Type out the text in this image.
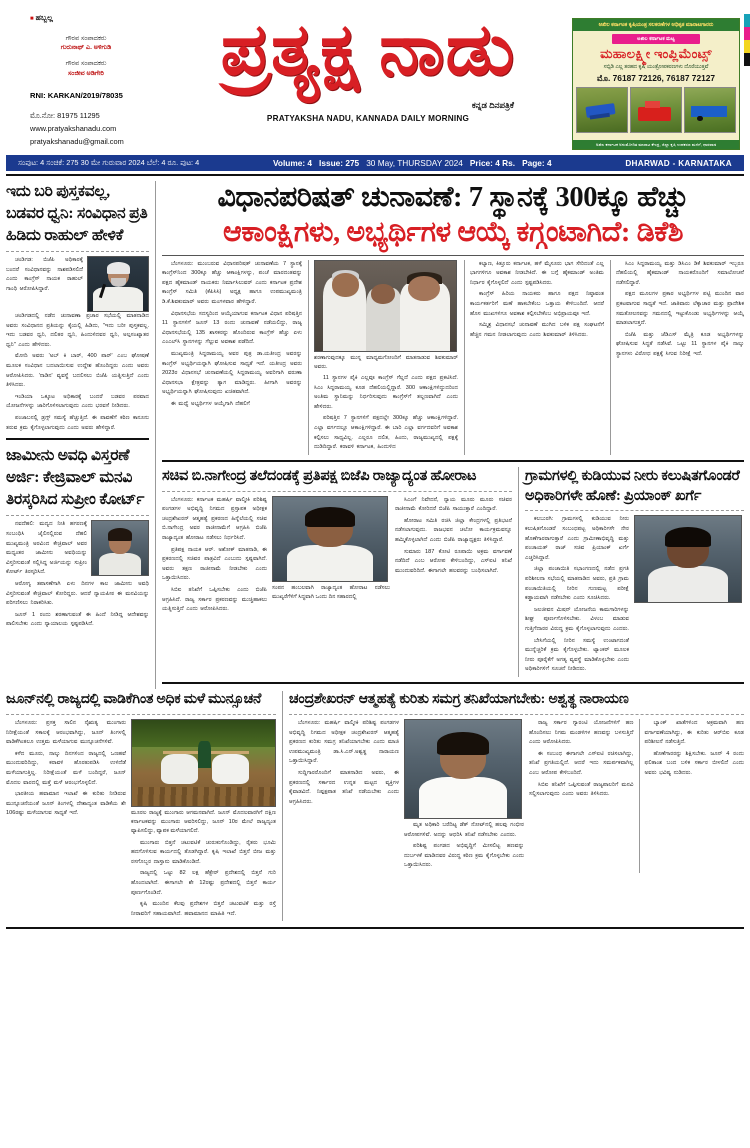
■ ಹಬ್ಬಲ್ಲ
ಗೌರವ ಸಂಪಾದಕರು
ಗುರುನಾಥ್ ಎ. ಅಳಿಗುಡಿ
ಗೌರವ ಸಂಪಾದಕರು
ಸಂಜೀವ ಅಡಿಗೇರಿ
RNI: KARKAN/2019/78035
ಮೊ.ನೋ: 81975 11295
www.pratyakshanadu.com
pratyakshanadu@gmail.com
ಪ್ರತ್ಯಕ್ಷ ನಾಡು
ಕನ್ನಡ ದಿನಪತ್ರಿಕೆ
PRATYAKSHA NADU, KANNADA DAILY MORNING
ಅಖಿಲ ಕರ್ನಾಟಕ ಕೃಷಿಯಂತ್ರ ಸಲಕರಣೆಗಳ ಅಧಿಕೃತ ಮಾರಾಟಗಾರರು
ಅಖಿಲ ಕರ್ನಾಟಕ ಮಟ್ಟ
ಮಹಾಲಕ್ಷ್ಮೀ ಇಂಪ್ಲಿಮೆಂಟ್ಸ್
ಸಬ್ಸಿಡಿ ಎಲ್ಲ ತರಹದ ಕೃಷಿ ಯಂತ್ರೋಪಕರಣಗಳು ದೊರೆಯುತ್ತವೆ
ಮೊ. 76187 72126, 76187 72127
ಅಖಿಲ ಕರ್ನಾಟಕ ಅನುಮೋದಿತ ಮಾರಾಟ ಕೇಂದ್ರ, ಜಿಲ್ಲಾ ಕೃಷಿ ಉಪಕರಣ ಮಳಿಗೆ, ಧಾರವಾಡ
ಸಂಪುಟ: 4 ಸಂಚಿಕೆ: 275 30 ಮೇ ಗುರುವಾರ 2024 ಬೆಲೆ: 4 ರೂ. ಪುಟ: 4	Volume: 4 Issue: 275 30 May, THURSDAY 2024 Price: 4 Rs. Page: 4	DHARWAD - KARNATAKA
ಇದು ಬರಿ ಪುಸ್ತಕವಲ್ಲ, ಬಡವರ ಧ್ವನಿ: ಸಂವಿಧಾನ ಪ್ರತಿ ಹಿಡಿದು ರಾಹುಲ್ ಹೇಳಿಕೆ

ಚಂಡಿಗಡ: ಬಿಜೆಪಿ ಅಧಿಕಾರಕ್ಕೆ ಬಂದರೆ ಸಂವಿಧಾನವನ್ನು ನಾಶಪಡಿಸಲಿದೆ ಎಂದು ಕಾಂಗ್ರೆಸ್ ನಾಯಕ ರಾಹುಲ್ ಗಾಂಧಿ ಆರೋಪಿಸಿದ್ದಾರೆ.

ಚಂಡಿಗಡದಲ್ಲಿ ನಡೆದ ಚುನಾವಣಾ ಪ್ರಚಾರ ಸಭೆಯಲ್ಲಿ ಮಾತನಾಡಿದ ಅವರು ಸಂವಿಧಾನದ ಪ್ರತಿಯನ್ನು ಕೈಯಲ್ಲಿ ಹಿಡಿದು, "ಇದು ಬರೀ ಪುಸ್ತಕವಲ್ಲ. ಇದು ಬಡವರ ಧ್ವನಿ, ದಲಿತರ ಧ್ವನಿ, ಹಿಂದುಳಿದವರ ಧ್ವನಿ, ಅಲ್ಪಸಂಖ್ಯಾತರ ಧ್ವನಿ" ಎಂದು ಹೇಳಿದರು.

ಮೋದಿ ಅವರು 'ಅಬ್ ಕಿ ಬಾರ್, 400 ಪಾರ್' ಎಂಬ ಘೋಷಣೆ ಮೂಲಕ ಸಂವಿಧಾನ ಬದಲಾಯಿಸುವ ಉದ್ದೇಶ ಹೊಂದಿದ್ದರು ಎಂದು ಅವರು ಆರೋಪಿಸಿದರು. 'ನಾಡಿನ' ವ್ಯವಸ್ಥೆ ಬದಲಿಸಲು ಬಿಜೆಪಿ ಯತ್ನಿಸುತ್ತಿದೆ ಎಂದು ತಿಳಿಸಿದರು.

ಇಂಡಿಯಾ ಒಕ್ಕೂಟ ಅಧಿಕಾರಕ್ಕೆ ಬಂದರೆ ಬಡವರ ಪರವಾದ ಯೋಜನೆಗಳನ್ನು ಜಾರಿಗೊಳಿಸಲಾಗುವುದು ಎಂದು ಭರವಸೆ ನೀಡಿದರು.

ಪಂಜಾಬನಲ್ಲಿ ಡ್ರಗ್ಸ್ ಸಮಸ್ಯೆ ಹೆಚ್ಚುತ್ತಿದೆ. ಈ ಪಾವಣೆಗೆ ಕಠಿಣ ಕಾನೂನು ತರುವ ಕ್ರಮ ಕೈಗೊಳ್ಳಲಾಗುವುದು ಎಂದು ಅವರು ಹೇಳಿದ್ದಾರೆ.

ಜಾಮೀನು ಅವಧಿ ವಿಸ್ತರಣೆ ಅರ್ಜಿ: ಕೇಜ್ರಿವಾಲ್ ಮನವಿ ತಿರಸ್ಕರಿಸಿದ ಸುಪ್ರೀಂ ಕೋರ್ಟ್

ನವದೆಹಲಿ: ಮದ್ಯದ ನೀತಿ ಹಗರಣಕ್ಕೆ ಸಂಬಂಧಿಸಿ ಜೈಲಿನಲ್ಲಿರುವ ದೆಹಲಿ ಮುಖ್ಯಮಂತ್ರಿ ಅರವಿಂದ ಕೇಜ್ರಿವಾಲ್ ಅವರ ಮಧ್ಯಂತರ ಜಾಮೀನು ಅವಧಿಯನ್ನು ವಿಸ್ತರಿಸುವಂತೆ ಸಲ್ಲಿಸಿದ್ದ ಅರ್ಜಿಯನ್ನು ಸುಪ್ರೀಂ ಕೋರ್ಟ್ ತಿರಸ್ಕರಿಸಿದೆ.

ಆರೋಗ್ಯ ತಪಾಸಣೆಗಾಗಿ ಏಳು ದಿನಗಳ ಕಾಲ ಜಾಮೀನು ಅವಧಿ ವಿಸ್ತರಿಸುವಂತೆ ಕೇಜ್ರಿವಾಲ್ ಕೋರಿದ್ದರು. ಆದರೆ ನ್ಯಾಯಪೀಠ ಈ ಮನವಿಯನ್ನು ಪರಿಗಣಿಸಲು ನಿರಾಕರಿಸಿತು.

ಜೂನ್ 1 ರಂದು ಶರಣಾಗುವಂತೆ ಈ ಹಿಂದೆ ನೀಡಿದ್ದ ಆದೇಶವನ್ನು ಪಾಲಿಸಬೇಕು ಎಂದು ನ್ಯಾಯಾಲಯ ಸ್ಪಷ್ಟಪಡಿಸಿದೆ.

ವಿಧಾನಪರಿಷತ್ ಚುನಾವಣೆ: 7 ಸ್ಥಾನಕ್ಕೆ 300ಕ್ಕೂ ಹೆಚ್ಚು
ಆಕಾಂಕ್ಷಿಗಳು, ಅಭ್ಯರ್ಥಿಗಳ ಆಯ್ಕೆ ಕಗ್ಗಂಟಾಗಿದೆ: ಡಿಕೆಶಿ

ಬೆಂಗಳೂರು: ಮುಂಬರುವ ವಿಧಾನಪರಿಷತ್ ಚುನಾವಣೆಯ 7 ಸ್ಥಾನಕ್ಕೆ ಕಾಂಗ್ರೆಸ್‌ನಿಂದ 300ಕ್ಕೂ ಹೆಚ್ಚು ಆಕಾಂಕ್ಷಿಗಳನ್ನು, ಪಂಚೆ ಮಾರದಂತವನ್ನು ಪಕ್ಷದ ಹೈಕಮಾಂಡ್ ನಾಯಕರು ನಿರ್ಮಾಸಿಲುವರ್ ಎಂದು ಕರ್ನಾಟಕ ಪ್ರದೇಶ ಕಾಂಗ್ರೆಸ್ ಸಮಿತಿ (ಕೆಪಿಸಿಸಿ) ಅಧ್ಯಕ್ಷ ಹಾಗೂ ಉಪಮುಖ್ಯಮಂತ್ರಿ ಡಿ.ಕೆ.ಶಿವಕುಮಾರ್ ಅವರು ಮಂಗಳವಾರ ಹೇಳಿದ್ದಾರೆ.

ವಿಧಾನಸಭೆಯ ಸದಸ್ಯರಿಂದ ಆಯ್ಕೆಯಾಗುವ ಕರ್ನಾಟಕ ವಿಧಾನ ಪರಿಷತ್ತಿನ 11 ಸ್ಥಾನಗಳಿಗೆ ಜೂನ್ 13 ರಂದು ಚುನಾವಣೆ ನಡೆಯಲಿದ್ದು, ರಾಜ್ಯ ವಿಧಾನಸಭೆಯಲ್ಲಿ 135 ಶಾಸಕರನ್ನು ಹೊಂದಿರುವ ಕಾಂಗ್ರೆಸ್ ಹೆಚ್ಚು ಏಳು ಎಂಎಲ್‌ಸಿ ಸ್ಥಾನಗಳನ್ನು ಗೆಲ್ಲುವ ಅವಕಾಶ ಪಡೆದಿದೆ.

ಮುಖ್ಯಮಂತ್ರಿ ಸಿದ್ದರಾಮಯ್ಯ ಅವರ ಪುತ್ರ ಡಾ.ಯತೀಂದ್ರ ಅವರನ್ನು ಕಾಂಗ್ರೆಸ್ ಅಭ್ಯರ್ಥಿಯನ್ನಾಗಿ ಘೋಷಿಸುವ ಸಾಧ್ಯತೆ ಇದೆ. ಯತೀಂದ್ರ ಅವರು 2023ರ ವಿಧಾನಸಭೆ ಚುನಾವಣೆಯಲ್ಲಿ ಸಿದ್ದರಾಮಯ್ಯ ಅವರಿಗಾಗಿ ವರುಣಾ ವಿಧಾನಸಭಾ ಕ್ಷೇತ್ರವನ್ನು ತ್ಯಾಗ ಮಾಡಿದ್ದರು. ಹೀಗಾಗಿ ಅವರನ್ನು ಅಭ್ಯರ್ಥಿಯನ್ನಾಗಿ ಘೋಷಿಸುವುದು ಖಚಿತವಾಗಿದೆ.

ಈ ಮಧ್ಯೆ ಅಭ್ಯರ್ಥಿಗಳ ಆಯ್ಕೆಗಾಗಿ ದೆಹಲಿಗೆ

ಶರಣಾಗುವುದಕ್ಕೂ ಮುನ್ನ ಮಾಧ್ಯಮಗೋಂದಿಗೆ ಮಾತನಾಡುವ ಶಿವಕುಮಾರ್ ಅವರು.

11 ಸ್ಥಾನಗಳ ಪೈಕಿ ಎಲ್ಲವೂ ಕಾಂಗ್ರೆಸ್ ಗೆಲ್ಲದೆ ಎಂದು ಪಕ್ಷದ ಪ್ರಕಟಿಸಿದೆ. ಸಿಎಂ ಸಿದ್ದರಾಮಯ್ಯ ಕೂಡ ದೆಹಲಿಯಲ್ಲಿದ್ದಾರೆ. 300 ಆಕಾಂಕ್ಷಿಗಳಿದ್ದುದರಿಂದ ಅಂತಿಮ ಸ್ಥಾನಿಮನ್ನು ನಿರ್ಧರಿಸುವುದು ಕಾಂಗ್ರೆಸ್‌ಗೆ ತಲ್ಲಣವಾಗಿದೆ ಎಂದು ಹೇಳಿದರು.

ಪರಿಷತ್ತಿನ 7 ಸ್ಥಾನಗಳಿಗೆ ಪಕ್ಷದಲ್ಲೇ 300ಕ್ಕೂ ಹೆಚ್ಚು ಆಕಾಂಕ್ಷಿಗಳಿದ್ದಾರೆ. ಎಲ್ಲಾ ವರ್ಗದಲ್ಲೂ ಆಕಾಂಕ್ಷಿಗಳಿದ್ದಾರೆ. ಈ ಬಾರಿ ಎಲ್ಲಾ ವರ್ಗದವರಿಗೆ ಅವಕಾಶ ಕಲ್ಪಿಸಲು ಸಾಧ್ಯವಿಲ್ಲ. ಎಲ್ಲರೂ ದಲಿತ, ಹಿಂದು, ರಾಜ್ಯಮುಖ್ಯದಲ್ಲಿ ಪಕ್ಷಕ್ಕೆ ದುಡಿದಿದ್ದಾರೆ. ಕರಾವಳಿ ಕರ್ನಾಟಕ, ಹಿಂದುಳಿದ

ಕಲ್ಯಾಣ, ಕಿತ್ತೂರು ಕರ್ನಾಟಕ, ಹಳೆ ಮೈಸೂರು ಭಾಗ ಸೇರಿದಂತೆ ಎಲ್ಲ ಭಾಗಗಳಿಗೂ ಅವಕಾಶ ನೀಡಬೇಕಿದೆ. ಈ ಬಗ್ಗೆ ಹೈಕಮಾಂಡ್ ಅಂತಿಮ ನಿರ್ಧಾರ ಕೈಗೊಳ್ಳಲಿದೆ ಎಂದು ಸ್ಪಷ್ಟಪಡಿಸಿದರು.

ಕಾಂಗ್ರೆಸ್ ಹಿರಿಯ ನಾಯಕರು ಹಾಗೂ ಪಕ್ಷದ ನಿಷ್ಠಾವಂತ ಕಾರ್ಯಕರ್ತರಿಗೆ ಮಣೆ ಹಾಕಬೇಕೆಂಬ ಒತ್ತಾಯ ಕೇಳಿಬಂದಿದೆ. ಆದರೆ ಹೊಸ ಮುಖಗಳಿಗೂ ಅವಕಾಶ ಕಲ್ಪಿಸಬೇಕೆಂಬ ಅಭಿಪ್ರಾಯವೂ ಇದೆ.

ಸಮ್ಮಿಶ್ರ ವಿಧಾನಸಭೆ ಚುನಾವಣೆ ಮುಗಿದ ಬಳಿಕ ಪಕ್ಷ ಸಂಘಟನೆಗೆ ಹೆಚ್ಚಿನ ಗಮನ ನೀಡಲಾಗುವುದು ಎಂದು ಶಿವಕುಮಾರ್ ತಿಳಿಸಿದರು.

ಸಿಎಂ ಸಿದ್ದರಾಮಯ್ಯ ಮತ್ತು ಡಿಸಿಎಂ ಡಿಕೆ ಶಿವಕುಮಾರ್ ಇಬ್ಬರೂ ದೆಹಲಿಯಲ್ಲಿ ಹೈಕಮಾಂಡ್ ನಾಯಕರೊಂದಿಗೆ ಸಮಾಲೋಚನೆ ನಡೆಸಲಿದ್ದಾರೆ.

ಪಕ್ಷದ ಮೂಲಗಳ ಪ್ರಕಾರ ಅಭ್ಯರ್ಥಿಗಳ ಪಟ್ಟಿ ಮುಂದಿನ ವಾರ ಪ್ರಕಟವಾಗುವ ಸಾಧ್ಯತೆ ಇದೆ. ಜಾತಿವಾರು ಲೆಕ್ಕಾಚಾರ ಮತ್ತು ಪ್ರಾದೇಶಿಕ ಸಮತೋಲನವನ್ನು ಗಮನದಲ್ಲಿ ಇಟ್ಟುಕೊಂಡು ಅಭ್ಯರ್ಥಿಗಳನ್ನು ಆಯ್ಕೆ ಮಾಡಲಾಗುತ್ತದೆ.

ಬಿಜೆಪಿ ಮತ್ತು ಜೆಡಿಎಸ್ ಮೈತ್ರಿ ಕೂಡ ಅಭ್ಯರ್ಥಿಗಳನ್ನು ಘೋಷಿಸುವ ಸಿದ್ಧತೆ ನಡೆಸಿವೆ. ಒಟ್ಟು 11 ಸ್ಥಾನಗಳ ಪೈಕಿ ನಾಲ್ಕು ಸ್ಥಾನಗಳು ವಿರೋಧ ಪಕ್ಷಕ್ಕೆ ಸಿಗುವ ನಿರೀಕ್ಷೆ ಇದೆ.

ಸಚಿವ ಬಿ.ನಾಗೇಂದ್ರ ತಲೆದಂಡಕ್ಕೆ ಪ್ರತಿಪಕ್ಷ ಬಿಜೆಪಿ ರಾಜ್ಯಾದ್ಯಂತ ಹೋರಾಟ

ಬೆಂಗಳೂರು: ಕರ್ನಾಟಕ ಮಹರ್ಷಿ ವಾಲ್ಮೀಕಿ ಪರಿಶಿಷ್ಟ ಪಂಗಡಗಳ ಅಭಿವೃದ್ಧಿ ನಿಗಮದ ಪ್ರಸ್ತಾಪಕ ಅಧೀಕ್ಷಕ ಚಂದ್ರಶೇಖರನ್ ಆತ್ಮಹತ್ಯೆ ಪ್ರಕರಣದ ಹಿನ್ನೆಲೆಯಲ್ಲಿ ಸಚಿವ ಬಿ.ನಾಗೇಂದ್ರ ಅವರ ರಾಜೀನಾಮೆಗೆ ಆಗ್ರಹಿಸಿ ಬಿಜೆಪಿ ರಾಜ್ಯಾದ್ಯಂತ ಹೋರಾಟ ನಡೆಸಲು ನಿರ್ಧರಿಸಿದೆ.

ಪ್ರತಿಪಕ್ಷ ನಾಯಕ ಆರ್. ಅಶೋಕ್ ಮಾತನಾಡಿ, ಈ ಪ್ರಕರಣದಲ್ಲಿ ಸಚಿವರ ಪಾತ್ರವಿದೆ ಎಂಬುದು ಸ್ಪಷ್ಟವಾಗಿದೆ. ಅವರು ತಕ್ಷಣ ರಾಜೀನಾಮೆ ನೀಡಬೇಕು ಎಂದು ಒತ್ತಾಯಿಸಿದರು.

ಸಿಬಿಐ ತನಿಖೆಗೆ ಒಪ್ಪಿಸಬೇಕು ಎಂದು ಬಿಜೆಪಿ ಆಗ್ರಹಿಸಿದೆ. ರಾಜ್ಯ ಸರ್ಕಾರ ಪ್ರಕರಣವನ್ನು ಮುಚ್ಚಿಹಾಕಲು ಯತ್ನಿಸುತ್ತಿದೆ ಎಂದು ಆರೋಪಿಸಿದರು.

ಸಂಪನ ಹಂಬಲವಾಗಿ ರಾಜ್ಯಾದ್ಯಂತ ಹೋರಾಟ ನಡೆಸಲು ಮುಖ್ಯರೆಗೆಳಿಗೆ ಸಿದ್ಧವಾಗಿ ಒಂದು ದಿನ ಸಹಾರದಲ್ಲಿ

ಸಿಎಂಗೆ ನಿವೇದನೆ, ನ್ಯಾಯ ಮೂರು ಮೂರು ಸಚಿವರ ರಾಜೀನಾಮೆ ಕೋರಿದರೆ ಬಿಜೆಪಿ ಸಾಯುತ್ತಾರೆ ಎಂದಿದ್ದಾರೆ.

ಹೋರಾಟ ಸಮಿತಿ ರಚಿಸಿ ಜಿಲ್ಲಾ ಕೇಂದ್ರಗಳಲ್ಲಿ ಪ್ರತಿಭಟನೆ ನಡೆಸಲಾಗುವುದು. ರಾಜಭವನ ಚಲೋ ಕಾರ್ಯಕ್ರಮವನ್ನೂ ಹಮ್ಮಿಕೊಳ್ಳಲಾಗಿದೆ ಎಂದು ಬಿಜೆಪಿ ರಾಜ್ಯಾಧ್ಯಕ್ಷರು ತಿಳಿಸಿದ್ದಾರೆ.

ಸುಮಾರು 187 ಕೋಟಿ ರೂಪಾಯಿ ಅಕ್ರಮ ವರ್ಗಾವಣೆ ನಡೆದಿದೆ ಎಂಬ ಆರೋಪ ಕೇಳಿಬಂದಿದ್ದು, ಎಸ್‌ಐಟಿ ತನಿಖೆ ಮುಂದುವರಿದಿದೆ. ಈಗಾಗಲೇ ಹಲವರನ್ನು ಬಂಧಿಸಲಾಗಿದೆ.

ಗ್ರಾಮಗಳಲ್ಲಿ ಕುಡಿಯುವ ನೀರು ಕಲುಷಿತಗೊಂಡರೆ ಅಧಿಕಾರಿಗಳೇ ಹೊಣೆ: ಪ್ರಿಯಾಂಕ್ ಖರ್ಗೆ

ಕಲಬುರಗಿ: ಗ್ರಾಮಗಳಲ್ಲಿ ಕುಡಿಯುವ ನೀರು ಕಲುಷಿತಗೊಂಡರೆ ಸಂಬಂಧಪಟ್ಟ ಅಧಿಕಾರಿಗಳೇ ನೇರ ಹೊಣೆಗಾರರಾಗುತ್ತಾರೆ ಎಂದು ಗ್ರಾಮೀಣಾಭಿವೃದ್ಧಿ ಮತ್ತು ಪಂಚಾಯತ್ ರಾಜ್ ಸಚಿವ ಪ್ರಿಯಾಂಕ್ ಖರ್ಗೆ ಎಚ್ಚರಿಸಿದ್ದಾರೆ.

ಜಿಲ್ಲಾ ಪಂಚಾಯಿತಿ ಸಭಾಂಗಣದಲ್ಲಿ ನಡೆದ ಪ್ರಗತಿ ಪರಿಶೀಲನಾ ಸಭೆಯಲ್ಲಿ ಮಾತನಾಡಿದ ಅವರು, ಪ್ರತಿ ಗ್ರಾಮ ಪಂಚಾಯಿತಿಯಲ್ಲಿ ನೀರಿನ ಗುಣಮಟ್ಟ ಪರೀಕ್ಷೆ ಕಡ್ಡಾಯವಾಗಿ ನಡೆಸಬೇಕು ಎಂದು ಸೂಚಿಸಿದರು.

ಜಲಜೀವನ ಮಿಷನ್ ಯೋಜನೆಯ ಕಾಮಗಾರಿಗಳನ್ನು ಶೀಘ್ರ ಪೂರ್ಣಗೊಳಿಸಬೇಕು. ವಿಳಂಬ ಮಾಡುವ ಗುತ್ತಿಗೆದಾರರ ವಿರುದ್ಧ ಕ್ರಮ ಕೈಗೊಳ್ಳಲಾಗುವುದು ಎಂದರು.

ಬೇಸಿಗೆಯಲ್ಲಿ ನೀರಿನ ಸಮಸ್ಯೆ ಉಂಟಾಗದಂತೆ ಮುನ್ನೆಚ್ಚರಿಕೆ ಕ್ರಮ ಕೈಗೊಳ್ಳಬೇಕು. ಟ್ಯಾಂಕರ್ ಮೂಲಕ ನೀರು ಪೂರೈಕೆಗೆ ಅಗತ್ಯ ವ್ಯವಸ್ಥೆ ಮಾಡಿಕೊಳ್ಳಬೇಕು ಎಂದು ಅಧಿಕಾರಿಗಳಿಗೆ ಸೂಚನೆ ನೀಡಿದರು.

ಜೂನ್‌ನಲ್ಲಿ ರಾಜ್ಯದಲ್ಲಿ ವಾಡಿಕೆಗಿಂತ ಅಧಿಕ ಮಳೆ ಮುನ್ಸೂಚನೆ

ಬೆಂಗಳೂರು: ಪ್ರಸಕ್ತ ಸಾಲಿನ ನೈಋತ್ಯ ಮುಂಗಾರು ನಿರೀಕ್ಷೆಯಂತೆ ಸಕಾಲಕ್ಕೆ ಆರಂಭವಾಗಿದ್ದು, ಜೂನ್ ತಿಂಗಳಲ್ಲಿ ವಾಡಿಕೆಗಿಂತಲೂ ಉತ್ತಮ ಮಳೆಯಾಗುವ ಮುನ್ಸೂಚನೆಗಳಿವೆ.

ಕಳೆದ ಮೂರು, ನಾಲ್ಕು ದಿನಗಳಿಂದ ರಾಜ್ಯದಲ್ಲಿ ಒಣಹವೆ ಮುಂದುವರಿದಿದ್ದು, ಕರಾವಳಿ ಹೊರತುಪಡಿಸಿ ಉಳಿದೆಡೆ ಮಳೆಯಾಗುತ್ತಿಲ್ಲ. ನಿರೀಕ್ಷೆಯಂತೆ ಮಳೆ ಬಂದಿದ್ದರೆ, ಜೂನ್ ಮೊದಲ ವಾರದಲ್ಲಿ ಮತ್ತೆ ಮಳೆ ಆರಂಭಗೊಳ್ಳಲಿದೆ.

ಭಾರತೀಯ ಹವಾಮಾನ ಇಲಾಖೆ ಈ ಕುರಿತು ನೀಡಿರುವ ಮುನ್ಸೂಚನೆಯಂತೆ ಜೂನ್ ತಿಂಗಳಲ್ಲಿ ದೇಶಾದ್ಯಂತ ವಾಡಿಕೆಯ ಶೇ 106ರಷ್ಟು ಮಳೆಯಾಗುವ ಸಾಧ್ಯತೆ ಇದೆ.	ಮೂರಲ ರಾಜ್ಯಕ್ಕೆ ಮುಂಗಾರು ಆಗಮನವಾಗಿದೆ. ಜೂನ್ ಮೊದಲವಾರಗಿಗೆ ದಕ್ಷಿಣ ಕರ್ನಾಟಕವನ್ನು ಮುಂಗಾರು ಆವರಿಸಲಿದ್ದು, ಜೂನ್ 10ರ ಮೇಲೆ ರಾಜ್ಯದ್ಯಂತ ವ್ಯಾಪಿಸಲಿದ್ದು, ವ್ಯಾಪಕ ಮಳೆಯಾಗಲಿದೆ.

ಮುಂಗಾರು ಬಿತ್ತನೆ ಚಟುವಟಿಕೆ ಚುರುಕುಗೊಂಡಿದ್ದು, ರೈತರು ಭೂಮಿ ಹದಗೊಳಿಸುವ ಕಾರ್ಯದಲ್ಲಿ ತೊಡಗಿದ್ದಾರೆ. ಕೃಷಿ ಇಲಾಖೆ ಬಿತ್ತನೆ ಬೀಜ ಮತ್ತು ರಸಗೊಬ್ಬರ ದಾಸ್ತಾನು ಮಾಡಿಕೊಂಡಿದೆ.

ರಾಜ್ಯದಲ್ಲಿ ಒಟ್ಟು 82 ಲಕ್ಷ ಹೆಕ್ಟೇರ್ ಪ್ರದೇಶದಲ್ಲಿ ಬಿತ್ತನೆ ಗುರಿ ಹೊಂದಲಾಗಿದೆ. ಈಗಾಗಲೇ ಶೇ 12ರಷ್ಟು ಪ್ರದೇಶದಲ್ಲಿ ಬಿತ್ತನೆ ಕಾರ್ಯ ಪೂರ್ಣಗೊಂಡಿದೆ.

ಕೃಷಿ ಮುಂದಿನ ಕೆಲವು ಪ್ರದೇಶಗಳ ಬಿತ್ತನೆ ಚಟುವಟಿಕೆ ಮತ್ತು ರಸ್ತೆ ನೀರಾವರಿಗೆ ಸಹಾಯವಾಗಿದೆ. ಹವಾಮಾನದ ಮಾಹಿತಿ ಇದೆ.

ಚಂದ್ರಶೇಖರನ್ ಆತ್ಮಹತ್ಯೆ ಕುರಿತು ಸಮಗ್ರ ತನಿಖೆಯಾಗಬೇಕು: ಅಶ್ವತ್ಥ ನಾರಾಯಣ

ಬೆಂಗಳೂರು: ಮಹರ್ಷಿ ವಾಲ್ಮೀಕಿ ಪರಿಶಿಷ್ಟ ಪಂಗಡಗಳ ಅಭಿವೃದ್ಧಿ ನಿಗಮದ ಅಧೀಕ್ಷಕ ಚಂದ್ರಶೇಖರನ್ ಆತ್ಮಹತ್ಯೆ ಪ್ರಕರಣದ ಕುರಿತು ಸಮಗ್ರ ತನಿಖೆಯಾಗಬೇಕು ಎಂದು ಮಾಜಿ ಉಪಮುಖ್ಯಮಂತ್ರಿ ಡಾ.ಸಿ.ಎನ್.ಅಶ್ವತ್ಥ ನಾರಾಯಣ ಒತ್ತಾಯಿಸಿದ್ದಾರೆ.

ಸುದ್ದಿಗಾರರೊಂದಿಗೆ ಮಾತನಾಡಿದ ಅವರು, ಈ ಪ್ರಕರಣದಲ್ಲಿ ಸರ್ಕಾರದ ಉನ್ನತ ಮಟ್ಟದ ವ್ಯಕ್ತಿಗಳ ಕೈವಾಡವಿದೆ. ನಿಷ್ಪಕ್ಷಪಾತ ತನಿಖೆ ನಡೆಯಬೇಕು ಎಂದು ಆಗ್ರಹಿಸಿದರು.

ಮೃತ ಅಧಿಕಾರಿ ಬರೆದಿಟ್ಟ ಡೆತ್ ನೋಟ್‌ನಲ್ಲಿ ಹಲವು ಗಂಭೀರ ಆರೋಪಗಳಿವೆ. ಅದನ್ನು ಆಧರಿಸಿ ತನಿಖೆ ನಡೆಸಬೇಕು ಎಂದರು.

ಪರಿಶಿಷ್ಟ ಪಂಗಡದ ಅಭಿವೃದ್ಧಿಗೆ ಮೀಸಲಿಟ್ಟ ಹಣವನ್ನು ದುರ್ಬಳಕೆ ಮಾಡಿದವರ ವಿರುದ್ಧ ಕಠಿಣ ಕ್ರಮ ಕೈಗೊಳ್ಳಬೇಕು ಎಂದು ಒತ್ತಾಯಿಸಿದರು.

ರಾಜ್ಯ ಸರ್ಕಾರ ಗ್ಯಾರಂಟಿ ಯೋಜನೆಗಳಿಗೆ ಹಣ ಹೊಂದಿಸಲು ನಿಗಮ ಮಂಡಳಿಗಳ ಹಣವನ್ನು ಬಳಸುತ್ತಿದೆ ಎಂದು ಆರೋಪಿಸಿದರು.

ಈ ಸಂಬಂಧ ಈಗಾಗಲೇ ಎಸ್‌ಐಟಿ ರಚಿಸಲಾಗಿದ್ದು, ತನಿಖೆ ಪ್ರಗತಿಯಲ್ಲಿದೆ. ಆದರೆ ಇದು ಸಮರ್ಪಕವಾಗಿಲ್ಲ ಎಂಬ ಆರೋಪ ಕೇಳಿಬಂದಿದೆ.

ಸಿಬಿಐ ತನಿಖೆಗೆ ಒಪ್ಪಿಸುವಂತೆ ರಾಜ್ಯಪಾಲರಿಗೆ ಮನವಿ ಸಲ್ಲಿಸಲಾಗುವುದು ಎಂದು ಅವರು ತಿಳಿಸಿದರು.

ಬ್ಯಾಂಕ್ ಖಾತೆಗಳಿಂದ ಅಕ್ರಮವಾಗಿ ಹಣ ವರ್ಗಾವಣೆಯಾಗಿದ್ದು, ಈ ಕುರಿತು ಆರ್‌ಬಿಐ ಕೂಡ ಪರಿಶೀಲನೆ ನಡೆಸುತ್ತಿದೆ.

ಹೊಣೆಗಾರರನ್ನು ಶಿಕ್ಷಿಸಬೇಕು. ಜೂನ್ 4 ರಂದು ಫಲಿತಾಂಶ ಬಂದ ಬಳಿಕ ಸರ್ಕಾರ ಬೀಳಲಿದೆ ಎಂದು ಅವರು ಭವಿಷ್ಯ ನುಡಿದರು.
